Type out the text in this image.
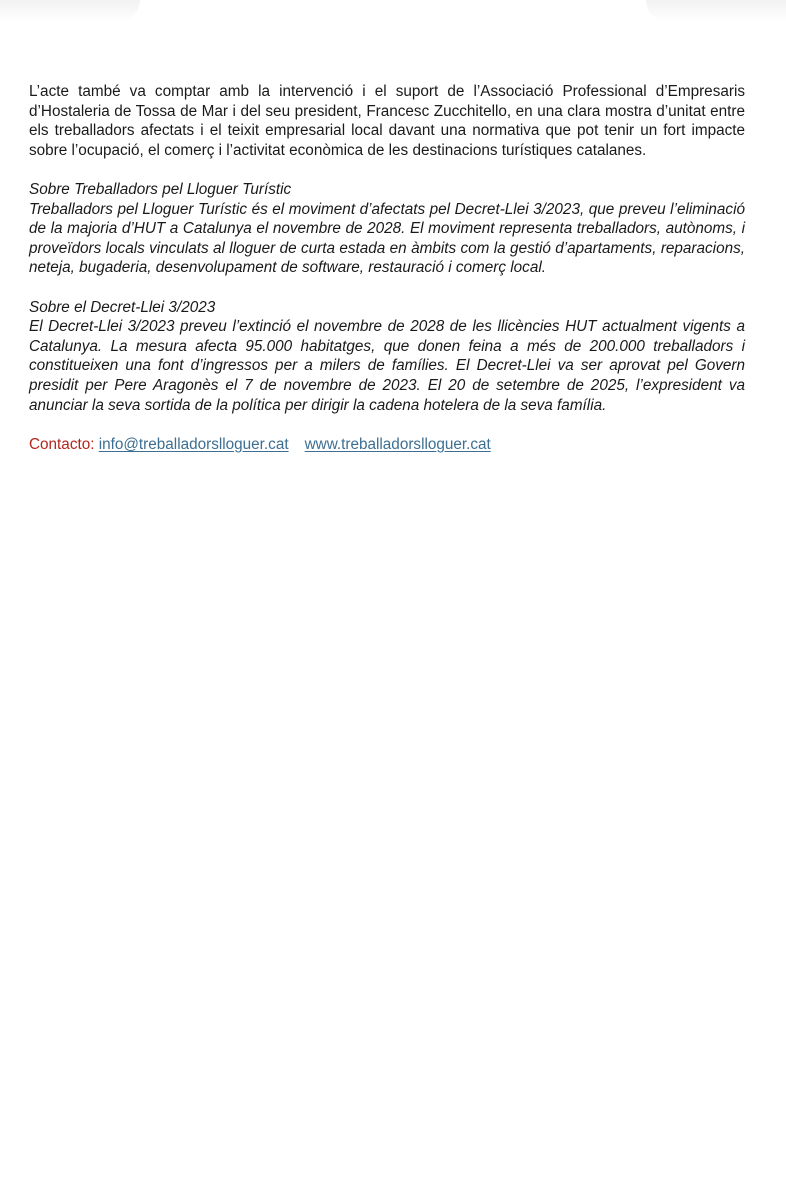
L’acte també va comptar amb la intervenció i el suport de l’Associació Professional d’Empresaris d’Hostaleria de Tossa de Mar i del seu president, Francesc Zucchitello, en una clara mostra d’unitat entre els treballadors afectats i el teixit empresarial local davant una normativa que pot tenir un fort impacte sobre l’ocupació, el comerç i l’activitat econòmica de les destinacions turístiques catalanes.

Sobre Treballadors pel Lloguer Turístic

Treballadors pel Lloguer Turístic és el moviment d’afectats pel Decret-Llei 3/2023, que preveu l’eliminació de la majoria d’HUT a Catalunya el novembre de 2028. El moviment representa treballadors, autònoms, i proveïdors locals vinculats al lloguer de curta estada en àmbits com la gestió d’apartaments, reparacions, neteja, bugaderia, desenvolupament de software, restauració i comerç local.

Sobre el Decret-Llei 3/2023

El Decret-Llei 3/2023 preveu l’extinció el novembre de 2028 de les llicències HUT actualment vigents a Catalunya. La mesura afecta 95.000 habitatges, que donen feina a més de 200.000 treballadors i constitueixen una font d’ingressos per a milers de famílies. El Decret-Llei va ser aprovat pel Govern presidit per Pere Aragonès el 7 de novembre de 2023. El 20 de setembre de 2025, l’expresident va anunciar la seva sortida de la política per dirigir la cadena hotelera de la seva família.

Contacto: info@treballadorslloguer.cat www.treballadorslloguer.cat
